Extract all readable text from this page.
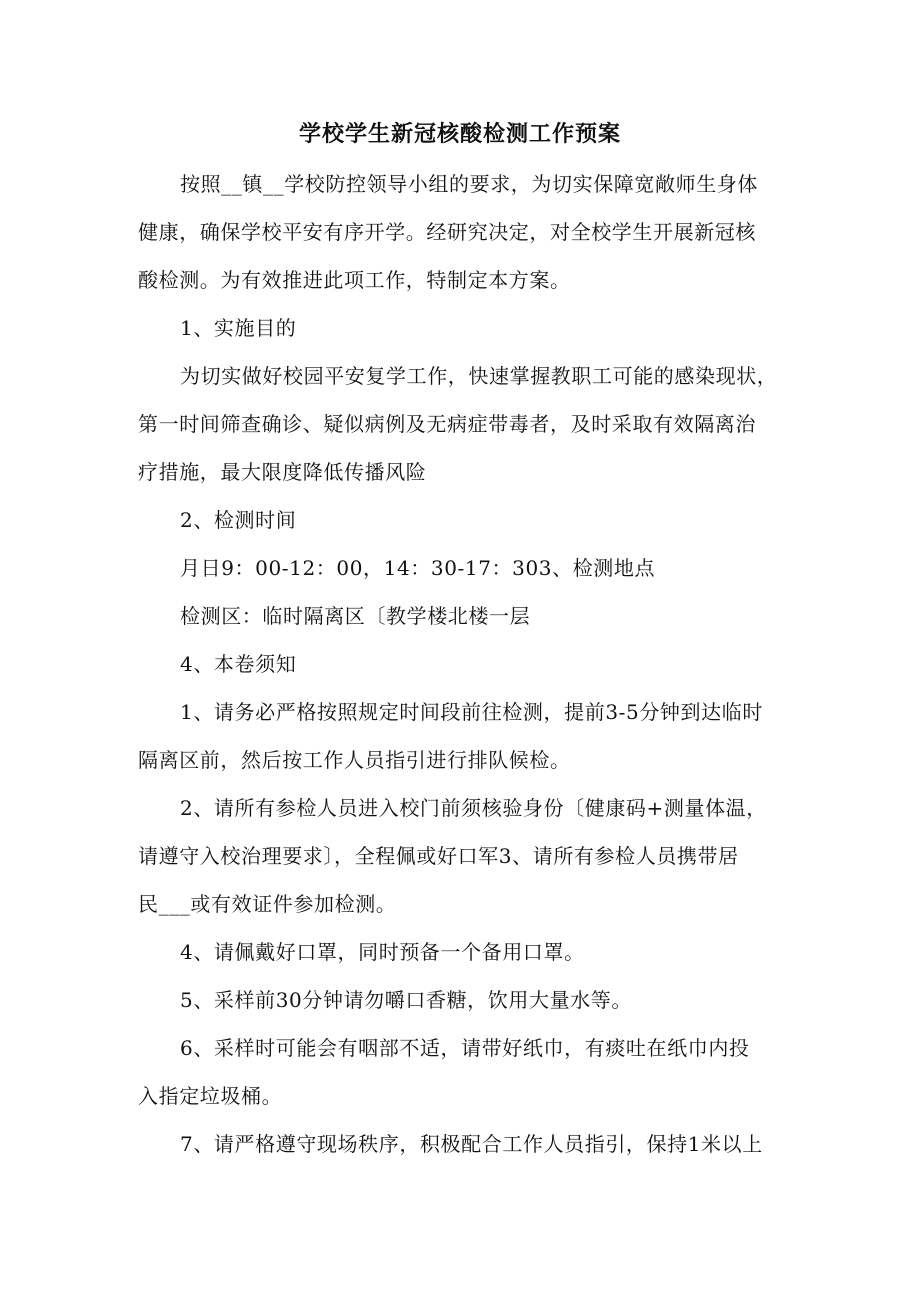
学校学生新冠核酸检测工作预案
按照__镇__学校防控领导小组的要求，为切实保障宽敞师生身体
健康，确保学校平安有序开学。经研究决定，对全校学生开展新冠核
酸检测。为有效推进此项工作，特制定本方案。
1、实施目的
为切实做好校园平安复学工作，快速掌握教职工可能的感染现状，
第一时间筛查确诊、疑似病例及无病症带毒者，及时采取有效隔离治
疗措施，最大限度降低传播风险
2、检测时间
月日9：00-12：00，14：30-17：303、检测地点
检测区：临时隔离区〔教学楼北楼一层
4、本卷须知
1、请务必严格按照规定时间段前往检测，提前3-5分钟到达临时
隔离区前，然后按工作人员指引进行排队候检。
2、请所有参检人员进入校门前须核验身份〔健康码+测量体温，
请遵守入校治理要求〕，全程佩或好口军3、请所有参检人员携带居
民___或有效证件参加检测。
4、请佩戴好口罩，同时预备一个备用口罩。
5、采样前30分钟请勿嚼口香糖，饮用大量水等。
6、采样时可能会有咽部不适，请带好纸巾，有痰吐在纸巾内投
入指定垃圾桶。
7、请严格遵守现场秩序，积极配合工作人员指引，保持1米以上
